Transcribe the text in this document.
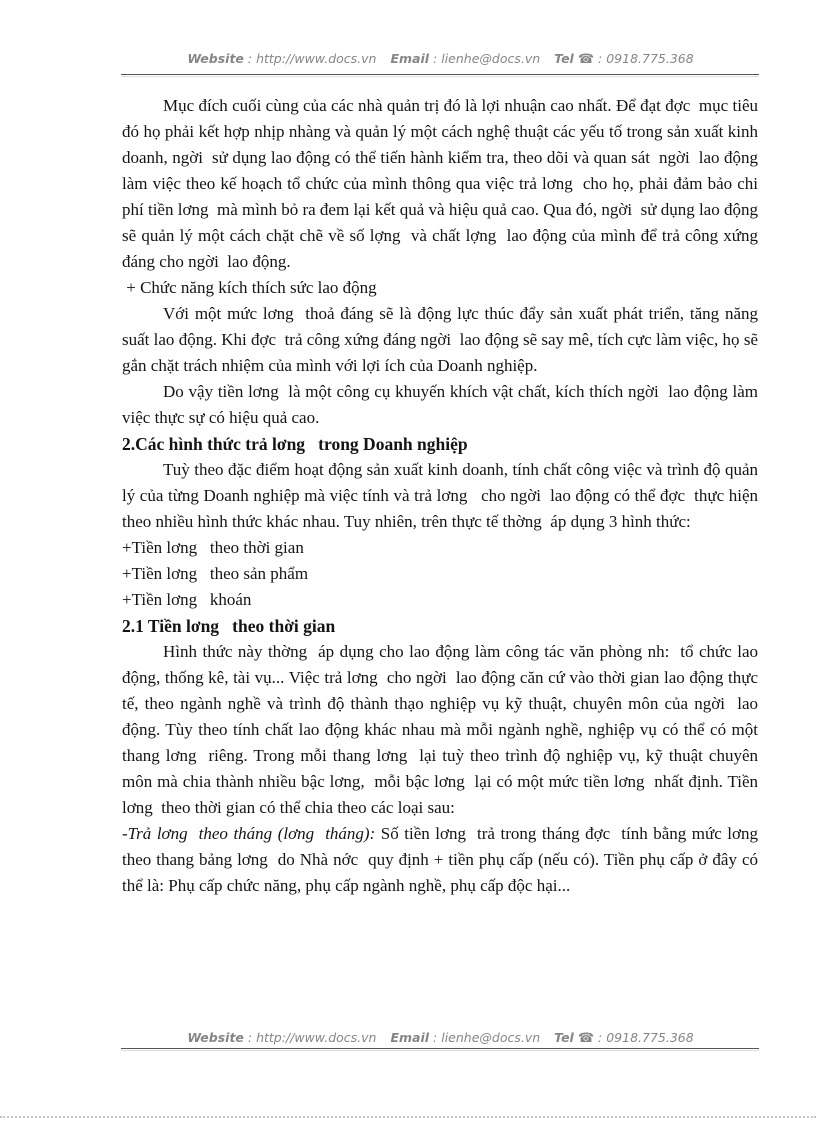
Website : http://www.docs.vn Email : lienhe@docs.vn Tel ☎ : 0918.775.368

Mục đích cuối cùng của các nhà quản trị đó là lợi nhuận cao nhất. Để đạt đợc  mục tiêu đó họ phải kết hợp nhịp nhàng và quản lý một cách nghệ thuật các yếu tố trong sản xuất kinh doanh, ngời  sử dụng lao động có thể tiến hành kiểm tra, theo dõi và quan sát  ngời  lao động làm việc theo kế hoạch tổ chức của mình thông qua việc trả lơng  cho họ, phải đảm bảo chi phí tiền lơng  mà mình bỏ ra đem lại kết quả và hiệu quả cao. Qua đó, ngời  sử dụng lao động sẽ quản lý một cách chặt chẽ về số lợng  và chất lợng  lao động của mình để trả công xứng đáng cho ngời  lao động.

+ Chức năng kích thích sức lao động

Với một mức lơng  thoả đáng sẽ là động lực thúc đẩy sản xuất phát triển, tăng năng suất lao động. Khi đợc  trả công xứng đáng ngời  lao động sẽ say mê, tích cực làm việc, họ sẽ gắn chặt trách nhiệm của mình với lợi ích của Doanh nghiệp.

Do vậy tiền lơng  là một công cụ khuyến khích vật chất, kích thích ngời  lao động làm việc thực sự có hiệu quả cao.

2.Các hình thức trả lơng   trong Doanh nghiệp

Tuỳ theo đặc điểm hoạt động sản xuất kinh doanh, tính chất công việc và trình độ quản lý của từng Doanh nghiệp mà việc tính và trả lơng   cho ngời  lao động có thể đợc  thực hiện theo nhiều hình thức khác nhau. Tuy nhiên, trên thực tế thờng  áp dụng 3 hình thức:

+Tiền lơng   theo thời gian

+Tiền lơng   theo sản phẩm

+Tiền lơng   khoán

2.1 Tiền lơng   theo thời gian

Hình thức này thờng  áp dụng cho lao động làm công tác văn phòng nh:  tổ chức lao động, thống kê, tài vụ... Việc trả lơng  cho ngời  lao động căn cứ vào thời gian lao động thực tế, theo ngành nghề và trình độ thành thạo nghiệp vụ kỹ thuật, chuyên môn của ngời  lao động. Tùy theo tính chất lao động khác nhau mà mỗi ngành nghề, nghiệp vụ có thể có một thang lơng  riêng. Trong mỗi thang lơng  lại tuỳ theo trình độ nghiệp vụ, kỹ thuật chuyên môn mà chia thành nhiều bậc lơng,  mỗi bậc lơng  lại có một mức tiền lơng  nhất định. Tiền lơng  theo thời gian có thể chia theo các loại sau:

-Trả lơng  theo tháng (lơng  tháng): Số tiền lơng  trả trong tháng đợc  tính bằng mức lơng  theo thang bảng lơng  do Nhà nớc  quy định + tiền phụ cấp (nếu có). Tiền phụ cấp ở đây có thể là: Phụ cấp chức năng, phụ cấp ngành nghề, phụ cấp độc hại...

Website : http://www.docs.vn Email : lienhe@docs.vn Tel ☎ : 0918.775.368
